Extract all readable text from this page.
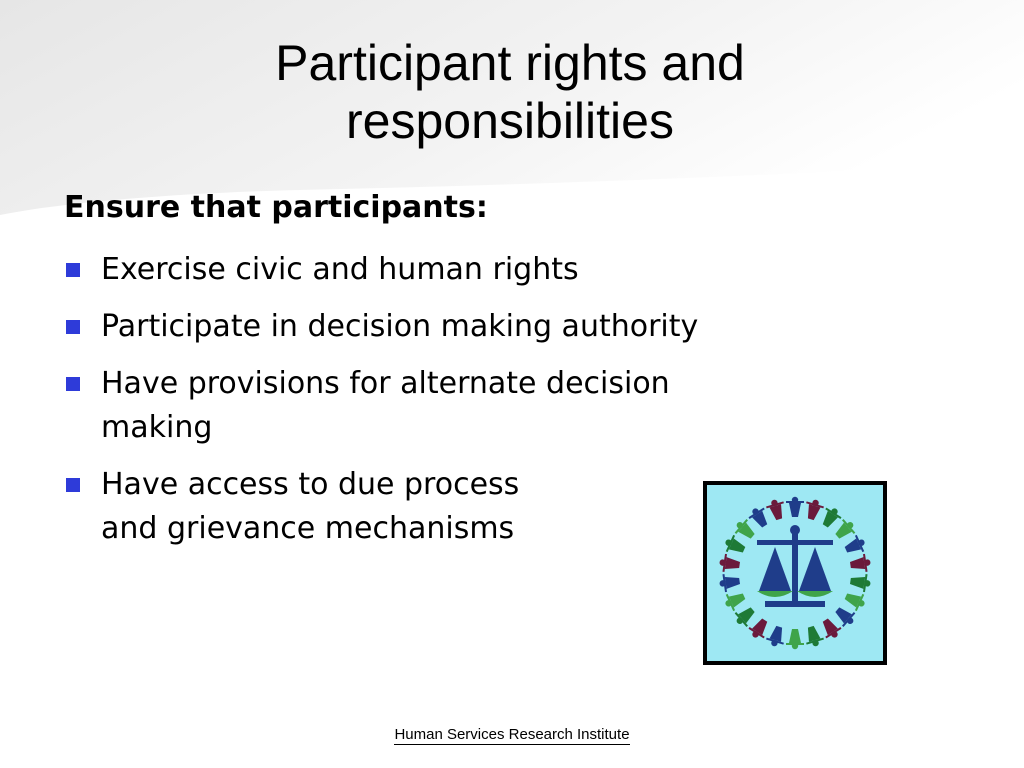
Participant rights and
responsibilities
Ensure that participants:
Exercise civic and human rights
Participate in decision making authority
Have provisions for alternate decision
making
Have access to due process
and grievance mechanisms
Human Services Research Institute
